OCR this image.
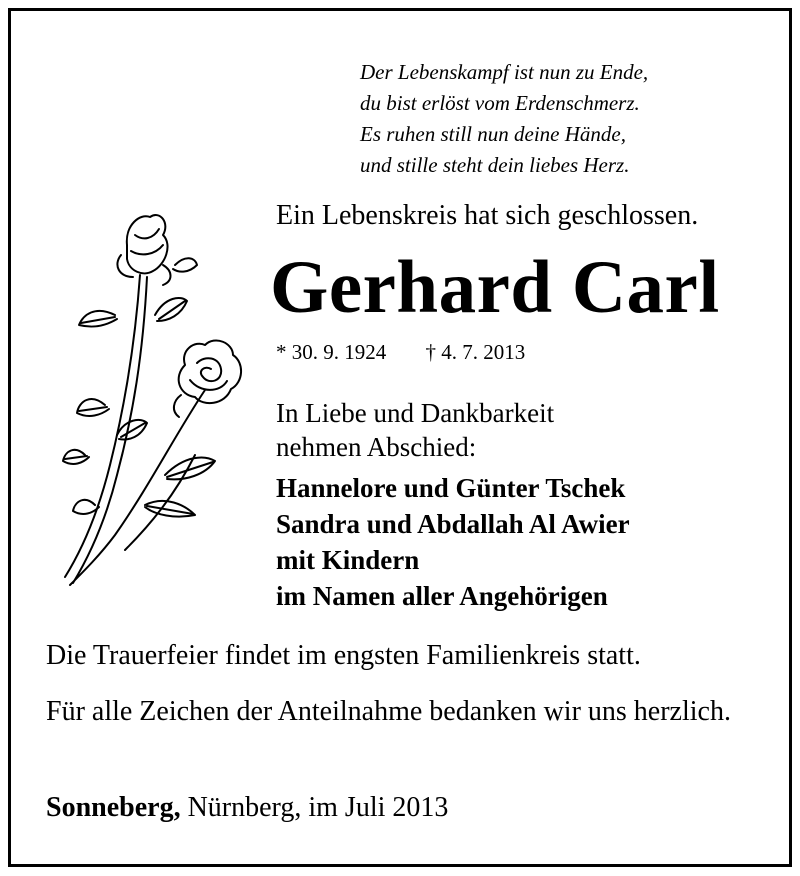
Der Lebenskampf ist nun zu Ende,
du bist erlöst vom Erdenschmerz.
Es ruhen still nun deine Hände,
und stille steht dein liebes Herz.
Ein Lebenskreis hat sich geschlossen.
Gerhard Carl
* 30. 9. 1924 † 4. 7. 2013
In Liebe und Dankbarkeit
nehmen Abschied:
Hannelore und Günter Tschek
Sandra und Abdallah Al Awier
mit Kindern
im Namen aller Angehörigen
Die Trauerfeier findet im engsten Familienkreis statt.
Für alle Zeichen der Anteilnahme bedanken wir uns herzlich.
Sonneberg, Nürnberg, im Juli 2013
